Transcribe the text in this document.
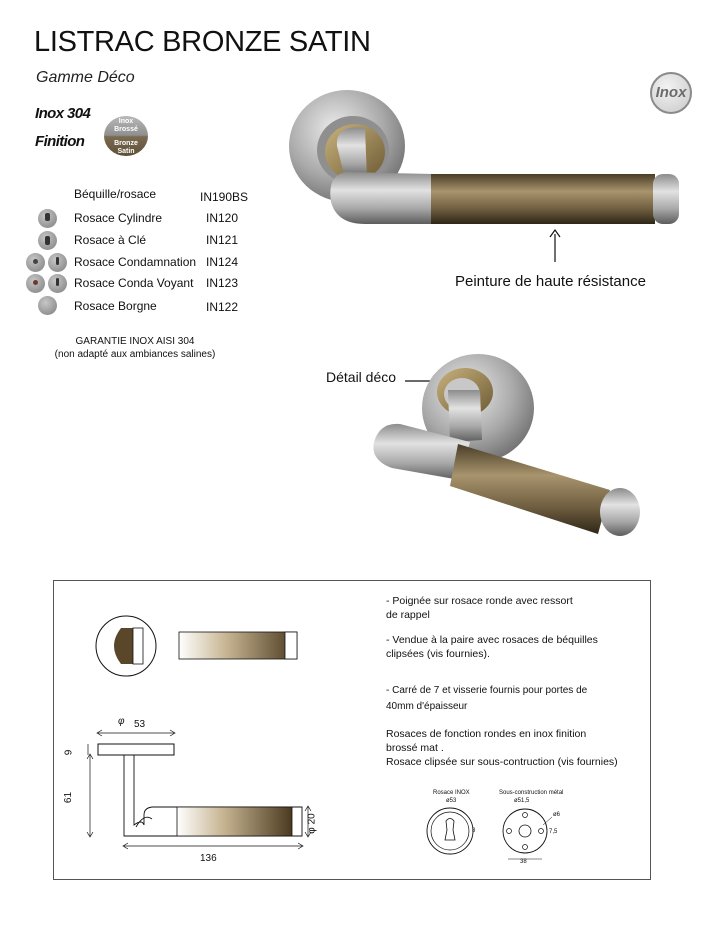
LISTRAC BRONZE SATIN
Gamme Déco
Inox 304
Finition
Inox
Brossé
Bronze
Satin
Inox
Béquille/rosace	IN190BS
Rosace Cylindre	IN120
Rosace à Clé	IN121
Rosace Condamnation IN124
Rosace Conda Voyant IN123
Rosace Borgne	IN122
GARANTIE INOX AISI 304
(non adapté aux ambiances salines)
Peinture de haute résistance
Détail déco
φ 53
9
61
φ 20
136
- Poignée sur rosace ronde avec ressort
de rappel
- Vendue à la paire avec rosaces de béquilles
clipsées (vis fournies).
- Carré de 7 et visserie fournis pour portes de
40mm d'épaisseur
Rosaces de fonction rondes en inox finition
brossé mat .
Rosace clipsée sur sous-contruction (vis fournies)
Rosace INOX
ø53
Sous-construction métal
ø51,5
8
ø6
7,5
38
